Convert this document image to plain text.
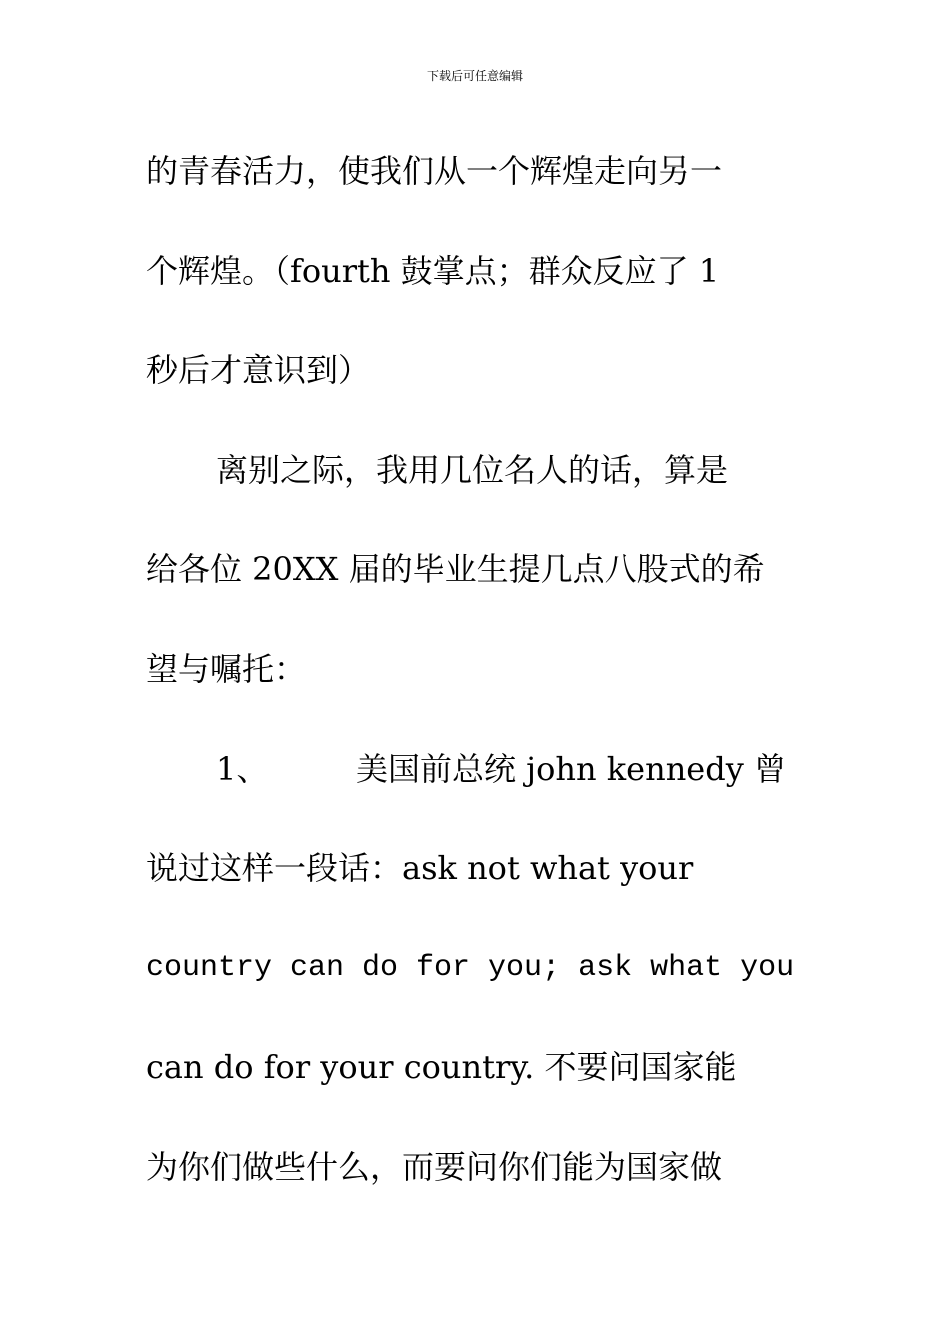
下载后可任意编辑
的青春活力，使我们从一个辉煌走向另一
个辉煌。（fourth 鼓掌点；群众反应了 1
秒后才意识到）
离别之际，我用几位名人的话，算是
给各位 20XX 届的毕业生提几点八股式的希
望与嘱托：
1、	美国前总统 john kennedy 曾
说过这样一段话：ask not what your
country can do for you; ask what you
can do for your country. 不要问国家能
为你们做些什么，而要问你们能为国家做
